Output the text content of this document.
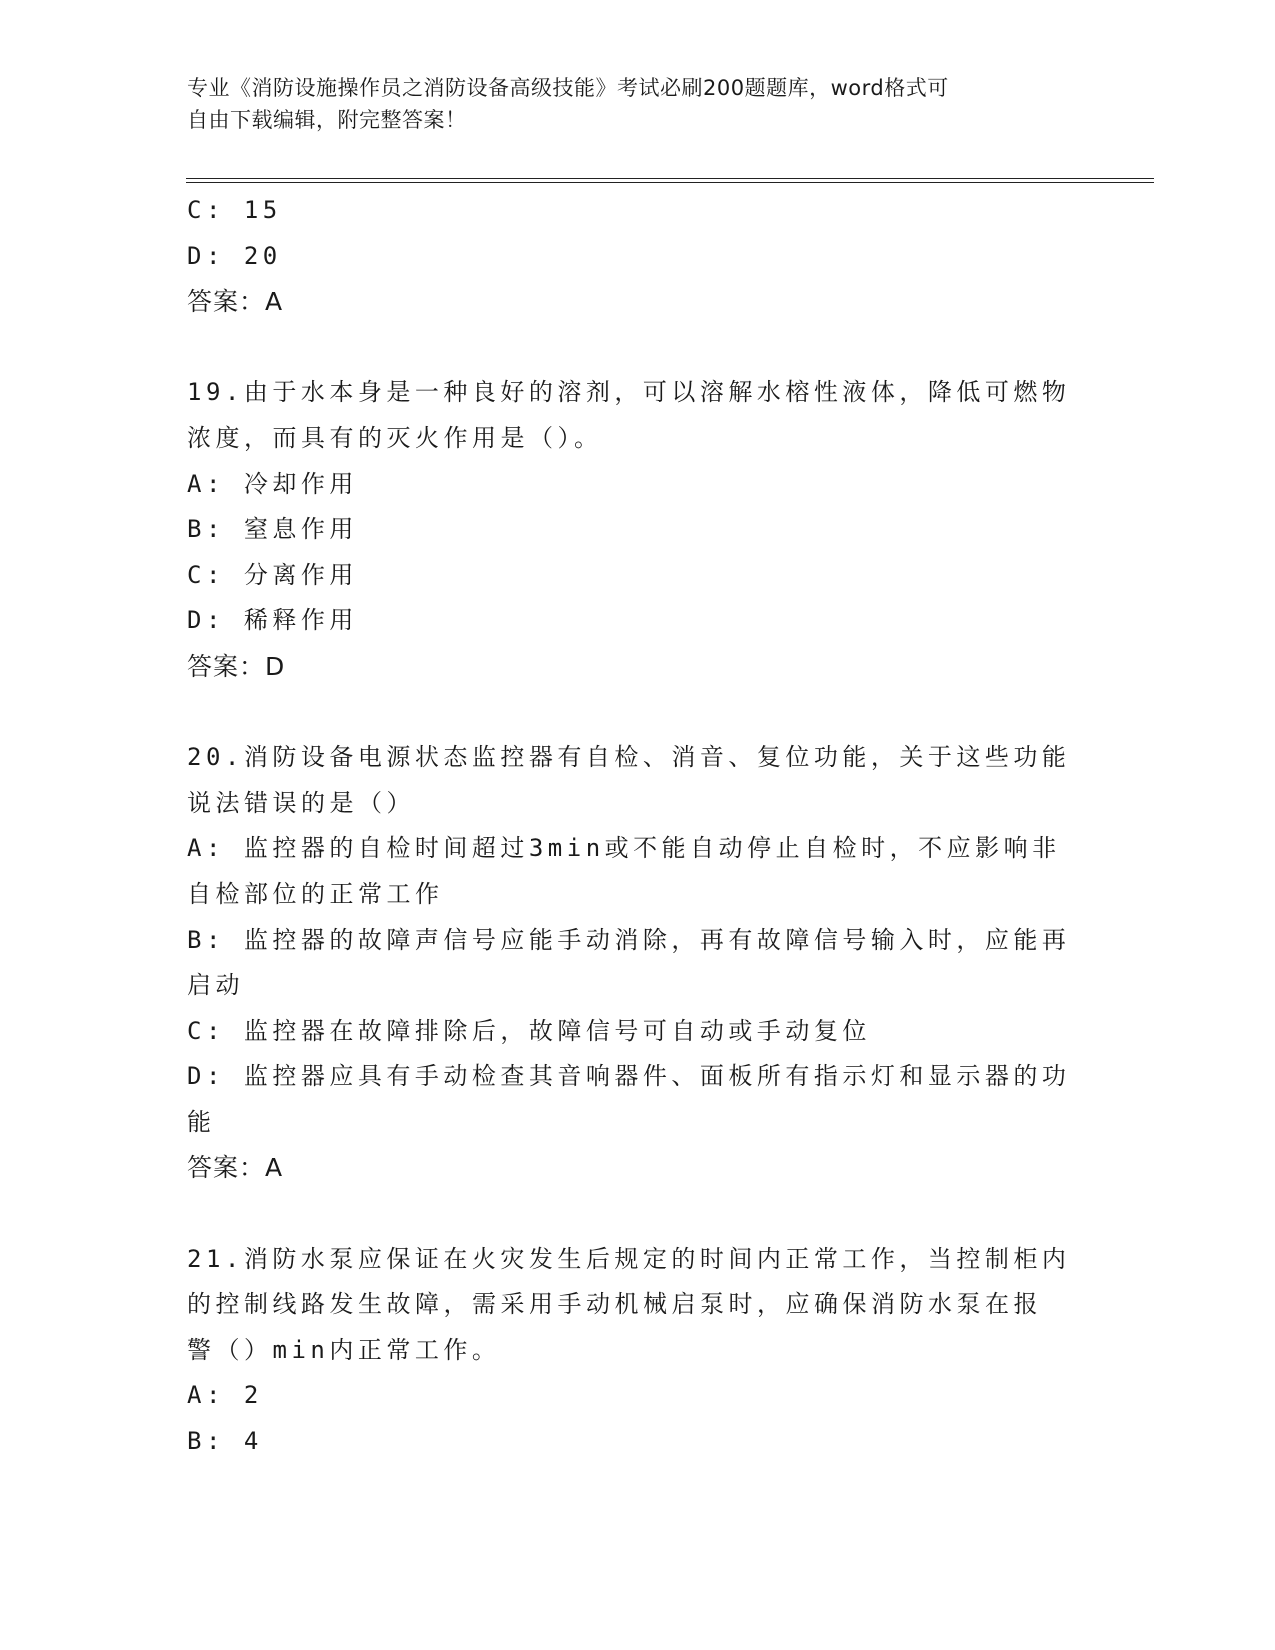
专业《消防设施操作员之消防设备高级技能》考试必刷200题题库，word格式可
自由下载编辑，附完整答案！

C: 15

D: 20

答案：A

19.由于水本身是一种良好的溶剂，可以溶解水榕性液体，降低可燃物

浓度，而具有的灭火作用是（）。

A: 冷却作用

B: 窒息作用

C: 分离作用

D: 稀释作用

答案：D

20.消防设备电源状态监控器有自检、消音、复位功能，关于这些功能

说法错误的是（）

A: 监控器的自检时间超过3min或不能自动停止自检时，不应影响非

自检部位的正常工作

B: 监控器的故障声信号应能手动消除，再有故障信号输入时，应能再

启动

C: 监控器在故障排除后，故障信号可自动或手动复位

D: 监控器应具有手动检查其音响器件、面板所有指示灯和显示器的功

能

答案：A

21.消防水泵应保证在火灾发生后规定的时间内正常工作，当控制柜内

的控制线路发生故障，需采用手动机械启泵时，应确保消防水泵在报

警（）min内正常工作。

A: 2

B: 4
